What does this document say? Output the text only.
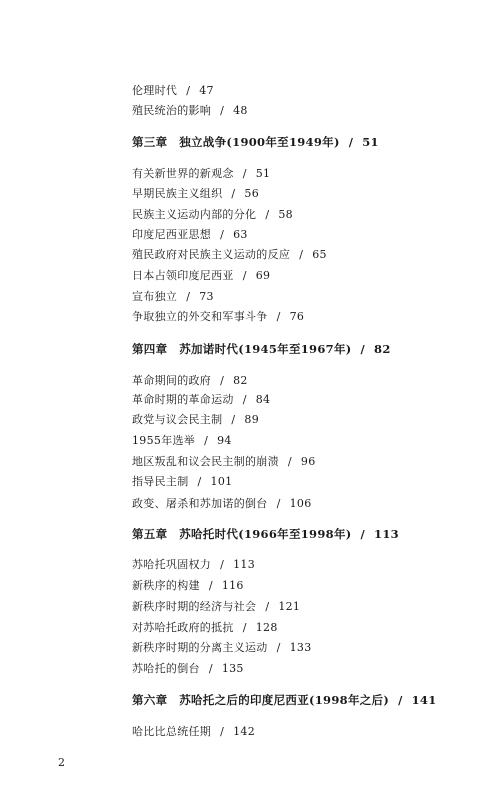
伦理时代 / 47
殖民统治的影响 / 48
第三章　独立战争(1900年至1949年) / 51
有关新世界的新观念 / 51
早期民族主义组织 / 56
民族主义运动内部的分化 / 58
印度尼西亚思想 / 63
殖民政府对民族主义运动的反应 / 65
日本占领印度尼西亚 / 69
宣布独立 / 73
争取独立的外交和军事斗争 / 76
第四章　苏加诺时代(1945年至1967年) / 82
革命期间的政府 / 82
革命时期的革命运动 / 84
政党与议会民主制 / 89
1955年选举 / 94
地区叛乱和议会民主制的崩溃 / 96
指导民主制 / 101
政变、屠杀和苏加诺的倒台 / 106
第五章　苏哈托时代(1966年至1998年) / 113
苏哈托巩固权力 / 113
新秩序的构建 / 116
新秩序时期的经济与社会 / 121
对苏哈托政府的抵抗 / 128
新秩序时期的分离主义运动 / 133
苏哈托的倒台 / 135
第六章　苏哈托之后的印度尼西亚(1998年之后) / 141
哈比比总统任期 / 142
2
